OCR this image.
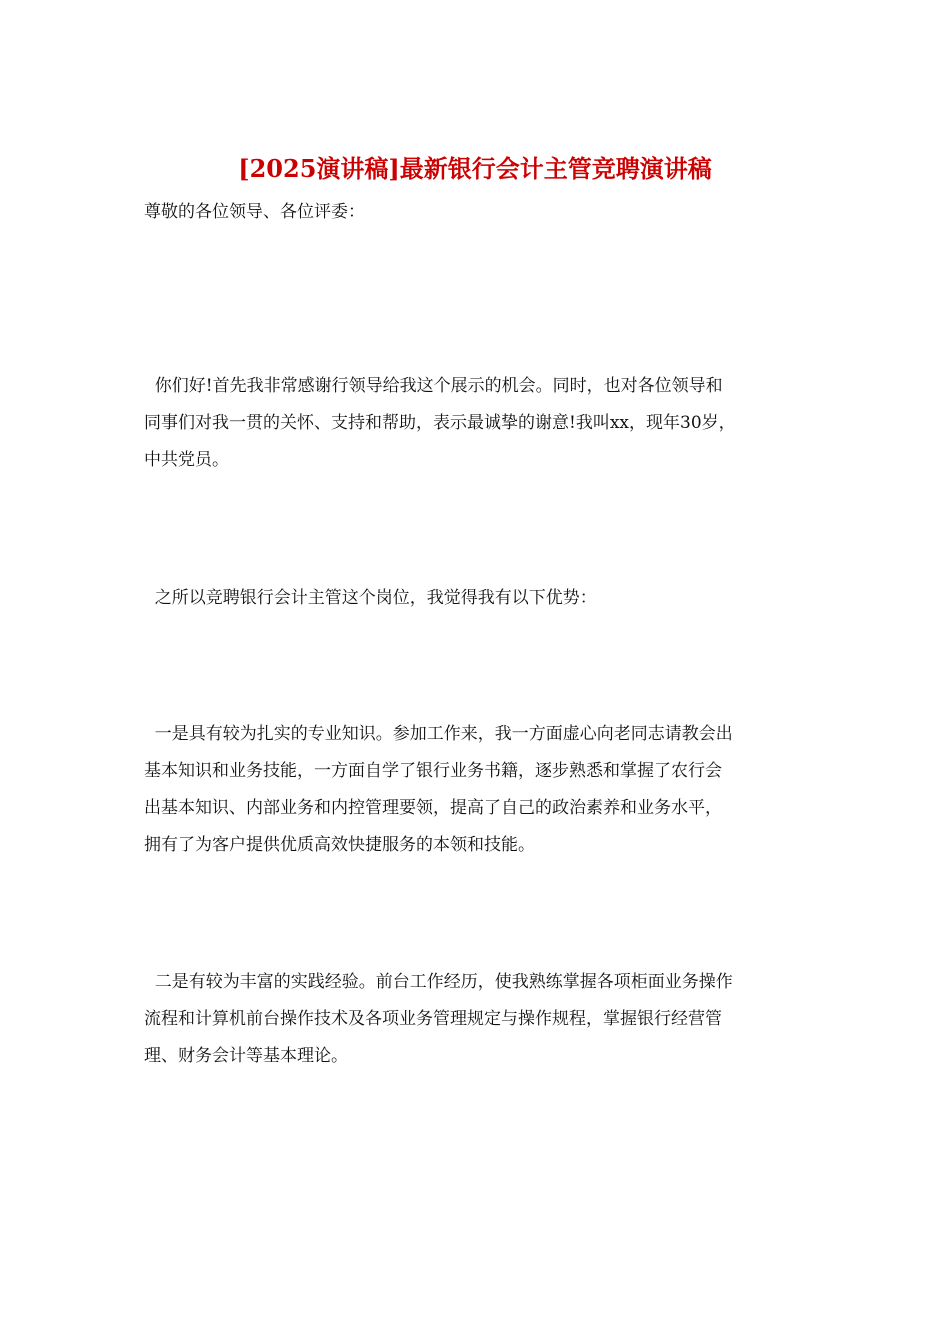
[2025演讲稿]最新银行会计主管竞聘演讲稿

尊敬的各位领导、各位评委：

你们好!首先我非常感谢行领导给我这个展示的机会。同时，也对各位领导和
同事们对我一贯的关怀、支持和帮助，表示最诚挚的谢意!我叫xx，现年30岁，
中共党员。
之所以竞聘银行会计主管这个岗位，我觉得我有以下优势：
一是具有较为扎实的专业知识。参加工作来，我一方面虚心向老同志请教会出
基本知识和业务技能，一方面自学了银行业务书籍，逐步熟悉和掌握了农行会
出基本知识、内部业务和内控管理要领，提高了自己的政治素养和业务水平，
拥有了为客户提供优质高效快捷服务的本领和技能。
二是有较为丰富的实践经验。前台工作经历，使我熟练掌握各项柜面业务操作
流程和计算机前台操作技术及各项业务管理规定与操作规程，掌握银行经营管
理、财务会计等基本理论。
